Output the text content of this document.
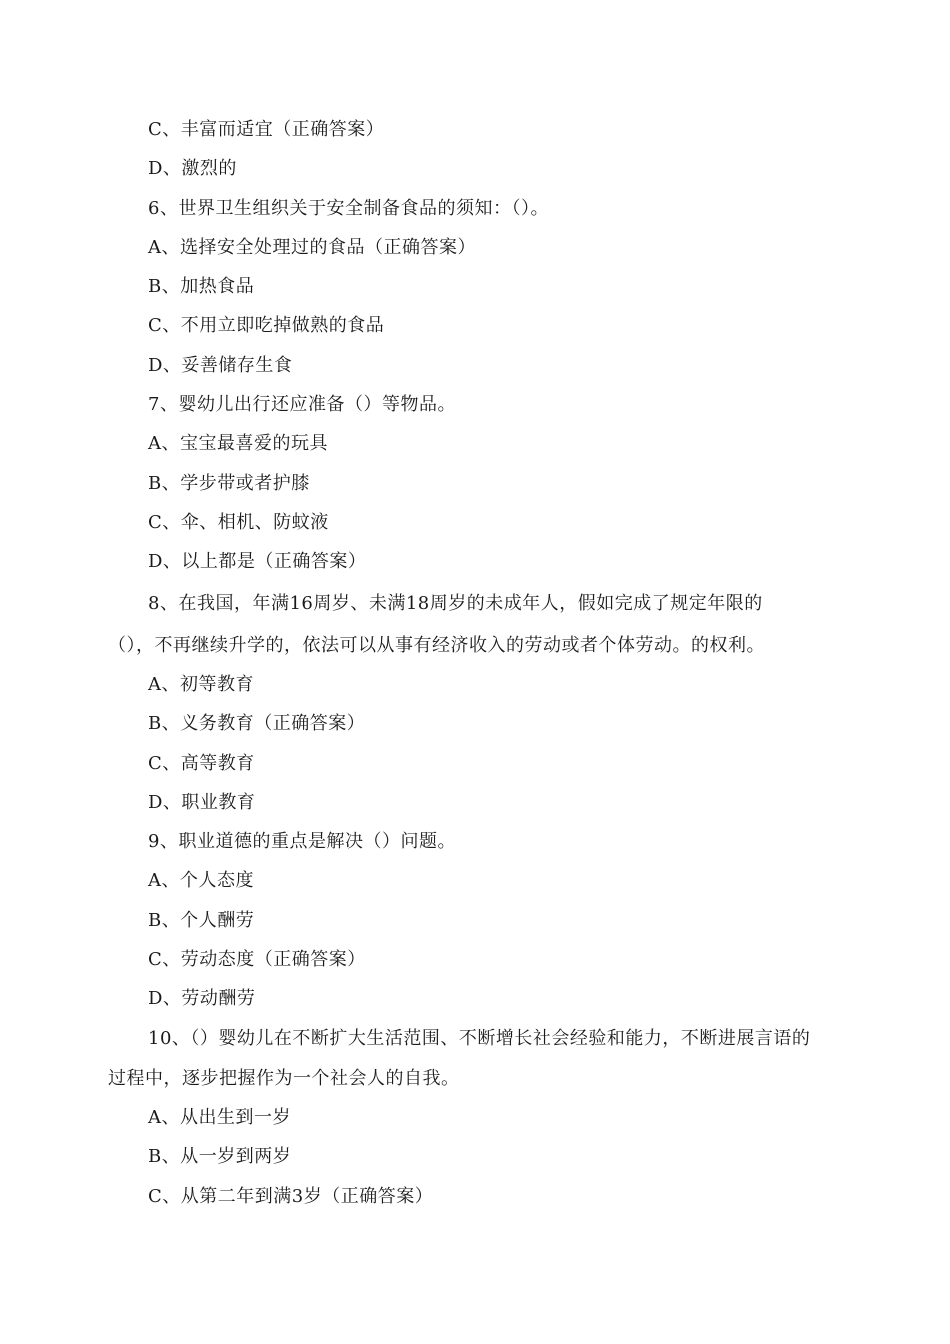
C、丰富而适宜（正确答案）
D、激烈的
6、世界卫生组织关于安全制备食品的须知：（）。
A、选择安全处理过的食品（正确答案）
B、加热食品
C、不用立即吃掉做熟的食品
D、妥善储存生食
7、婴幼儿出行还应准备（）等物品。
A、宝宝最喜爱的玩具
B、学步带或者护膝
C、伞、相机、防蚊液
D、以上都是（正确答案）
8、在我国，年满16周岁、未满18周岁的未成年人，假如完成了规定年限的
（），不再继续升学的，依法可以从事有经济收入的劳动或者个体劳动。的权利。
A、初等教育
B、义务教育（正确答案）
C、高等教育
D、职业教育
9、职业道德的重点是解决（）问题。
A、个人态度
B、个人酬劳
C、劳动态度（正确答案）
D、劳动酬劳
10、（）婴幼儿在不断扩大生活范围、不断增长社会经验和能力，不断进展言语的
过程中，逐步把握作为一个社会人的自我。
A、从出生到一岁
B、从一岁到两岁
C、从第二年到满3岁（正确答案）
